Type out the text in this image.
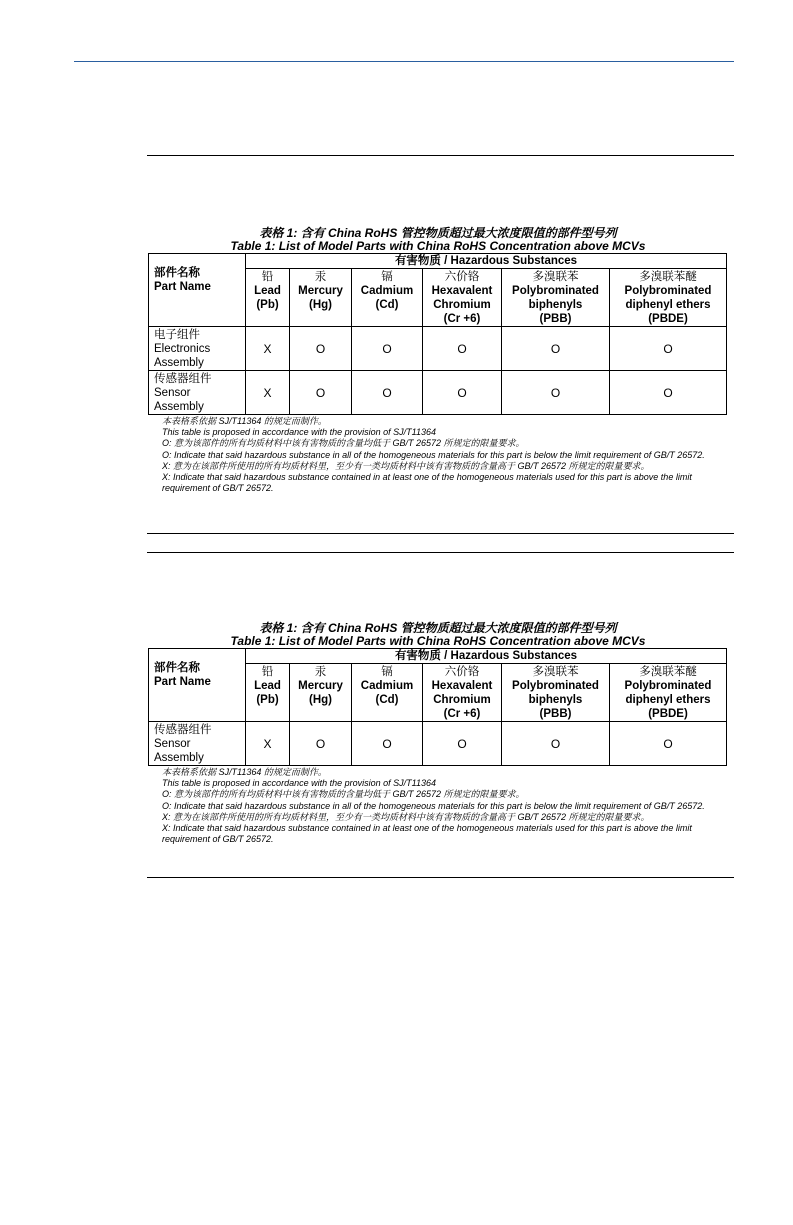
表格 1: 含有 China RoHS 管控物质超过最大浓度限值的部件型号列
Table 1: List of Model Parts with China RoHS Concentration above MCVs
部件名称
Part Name	有害物质 / Hazardous Substances					

	铅
Lead
(Pb)	汞
Mercury
(Hg)	镉
Cadmium
(Cd)	六价铬
Hexavalent
Chromium
(Cr +6)	多溴联苯
Polybrominated
biphenyls
(PBB)	多溴联苯醚
Polybrominated
diphenyl ethers
(PBDE)

电子组件
Electronics
Assembly	X	O	O	O	O	O

传感器组件
Sensor
Assembly	X	O	O	O	O	O
本表格系依据 SJ/T11364 的规定而制作。
This table is proposed in accordance with the provision of SJ/T11364
O: 意为该部件的所有均质材料中该有害物质的含量均低于 GB/T 26572 所规定的限量要求。
O: Indicate that said hazardous substance in all of the homogeneous materials for this part is below the limit requirement of GB/T 26572.
X: 意为在该部件所使用的所有均质材料里，至少有一类均质材料中该有害物质的含量高于 GB/T 26572 所规定的限量要求。
X: Indicate that said hazardous substance contained in at least one of the homogeneous materials used for this part is above the limit requirement of GB/T 26572.
表格 1: 含有 China RoHS 管控物质超过最大浓度限值的部件型号列
Table 1: List of Model Parts with China RoHS Concentration above MCVs
部件名称
Part Name	有害物质 / Hazardous Substances					

	铅
Lead
(Pb)	汞
Mercury
(Hg)	镉
Cadmium
(Cd)	六价铬
Hexavalent
Chromium
(Cr +6)	多溴联苯
Polybrominated
biphenyls
(PBB)	多溴联苯醚
Polybrominated
diphenyl ethers
(PBDE)

传感器组件
Sensor
Assembly	X	O	O	O	O	O
本表格系依据 SJ/T11364 的规定而制作。
This table is proposed in accordance with the provision of SJ/T11364
O: 意为该部件的所有均质材料中该有害物质的含量均低于 GB/T 26572 所规定的限量要求。
O: Indicate that said hazardous substance in all of the homogeneous materials for this part is below the limit requirement of GB/T 26572.
X: 意为在该部件所使用的所有均质材料里，至少有一类均质材料中该有害物质的含量高于 GB/T 26572 所规定的限量要求。
X: Indicate that said hazardous substance contained in at least one of the homogeneous materials used for this part is above the limit requirement of GB/T 26572.
